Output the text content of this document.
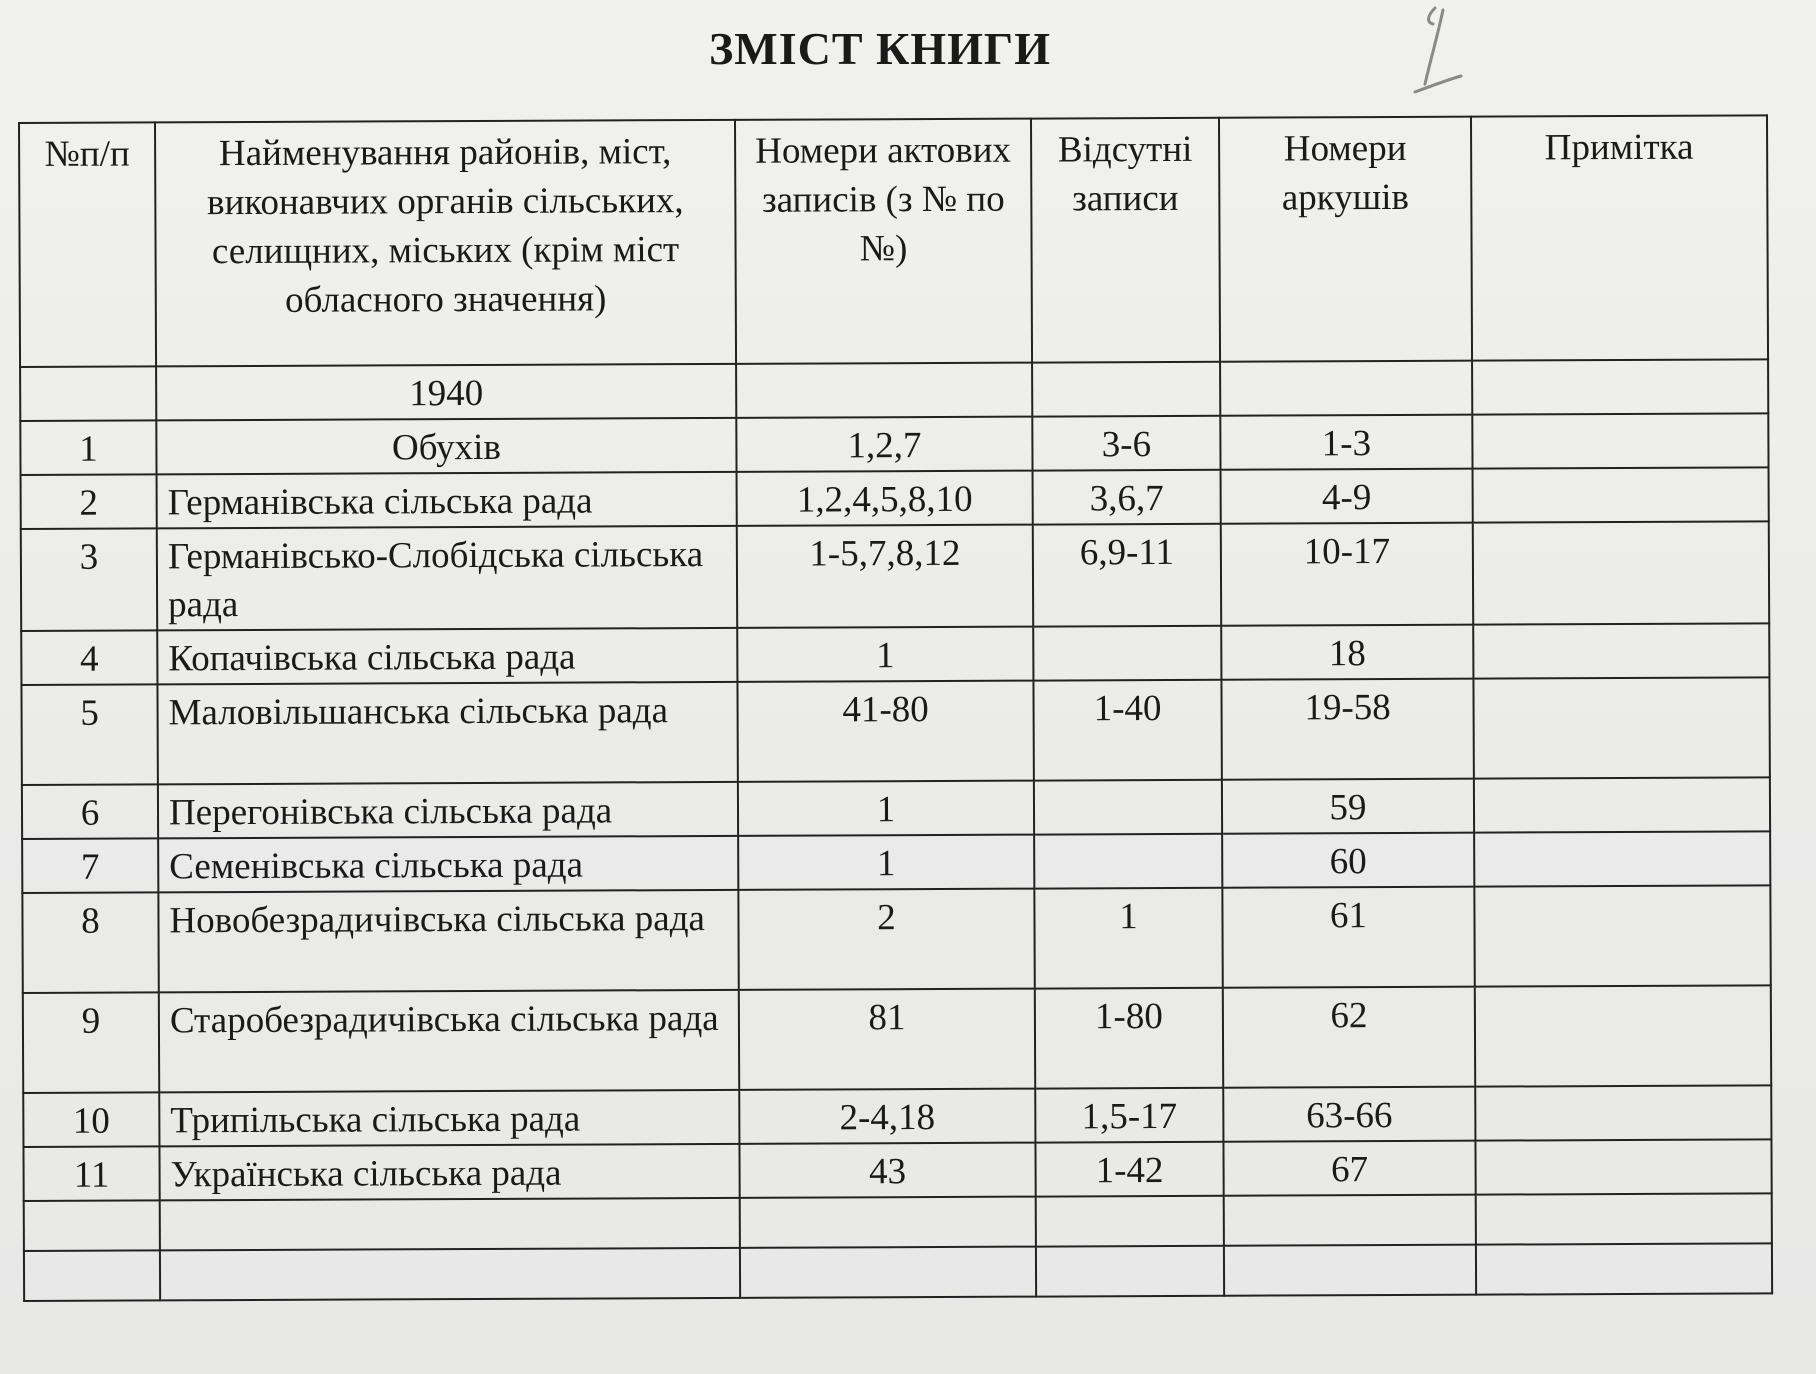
ЗМІСТ КНИГИ
№п/п	Найменування районів, міст, виконавчих органів сільських, селищних, міських (крім міст обласного значення)	Номери актових записів (з № по №)	Відсутні записи	Номери аркушів	Примітка
	1940				
1	Обухів	1,2,7	3-6	1-3	
2	Германівська сільська рада	1,2,4,5,8,10	3,6,7	4-9	
3	Германівсько-Слобідська сільська рада	1-5,7,8,12	6,9-11	10-17	
4	Копачівська сільська рада	1		18	
5	Маловільшанська сільська рада	41-80	1-40	19-58	
6	Перегонівська сільська рада	1		59	
7	Семенівська сільська рада	1		60	
8	Новобезрадичівська сільська рада	2	1	61	
9	Старобезрадичівська сільська рада	81	1-80	62	
10	Трипільська сільська рада	2-4,18	1,5-17	63-66	
11	Українська сільська рада	43	1-42	67	
